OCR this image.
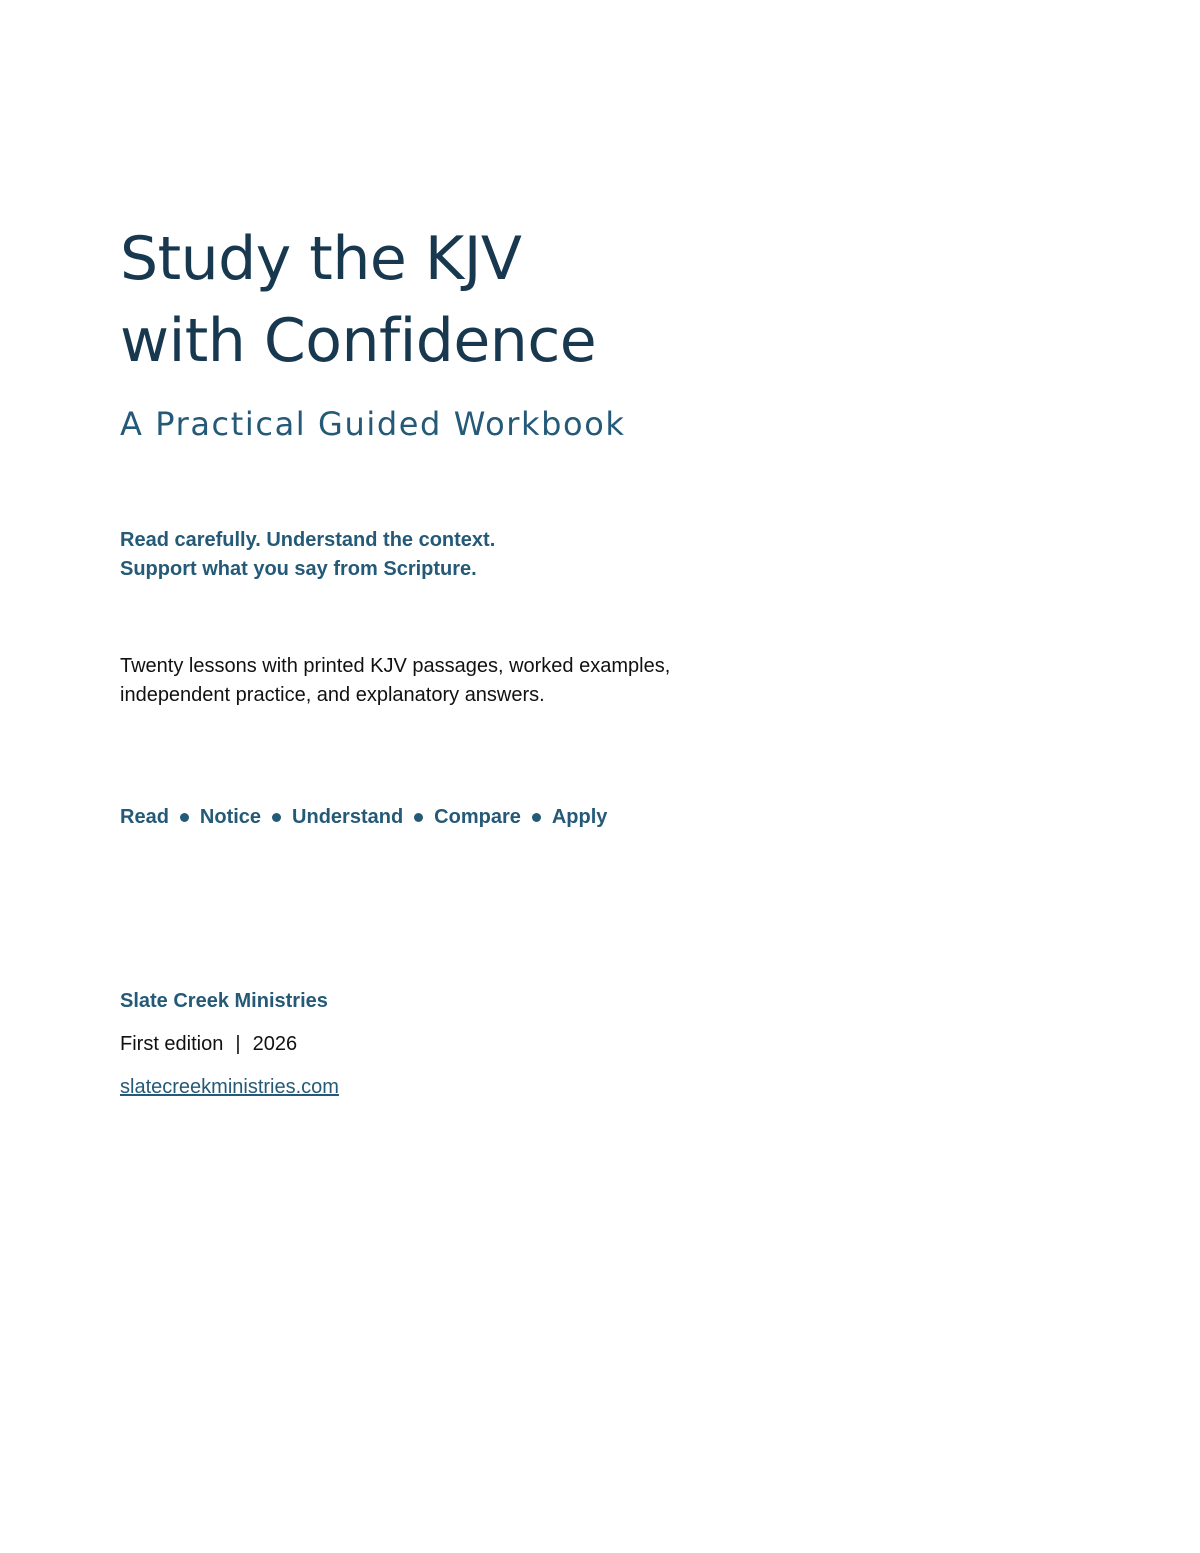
Study the KJV
with Confidence
A Practical Guided Workbook
Read carefully. Understand the context.
Support what you say from Scripture.
Twenty lessons with printed KJV passages, worked examples,
independent practice, and explanatory answers.
Read Notice Understand Compare Apply
Slate Creek Ministries
First edition | 2026
slatecreekministries.com
